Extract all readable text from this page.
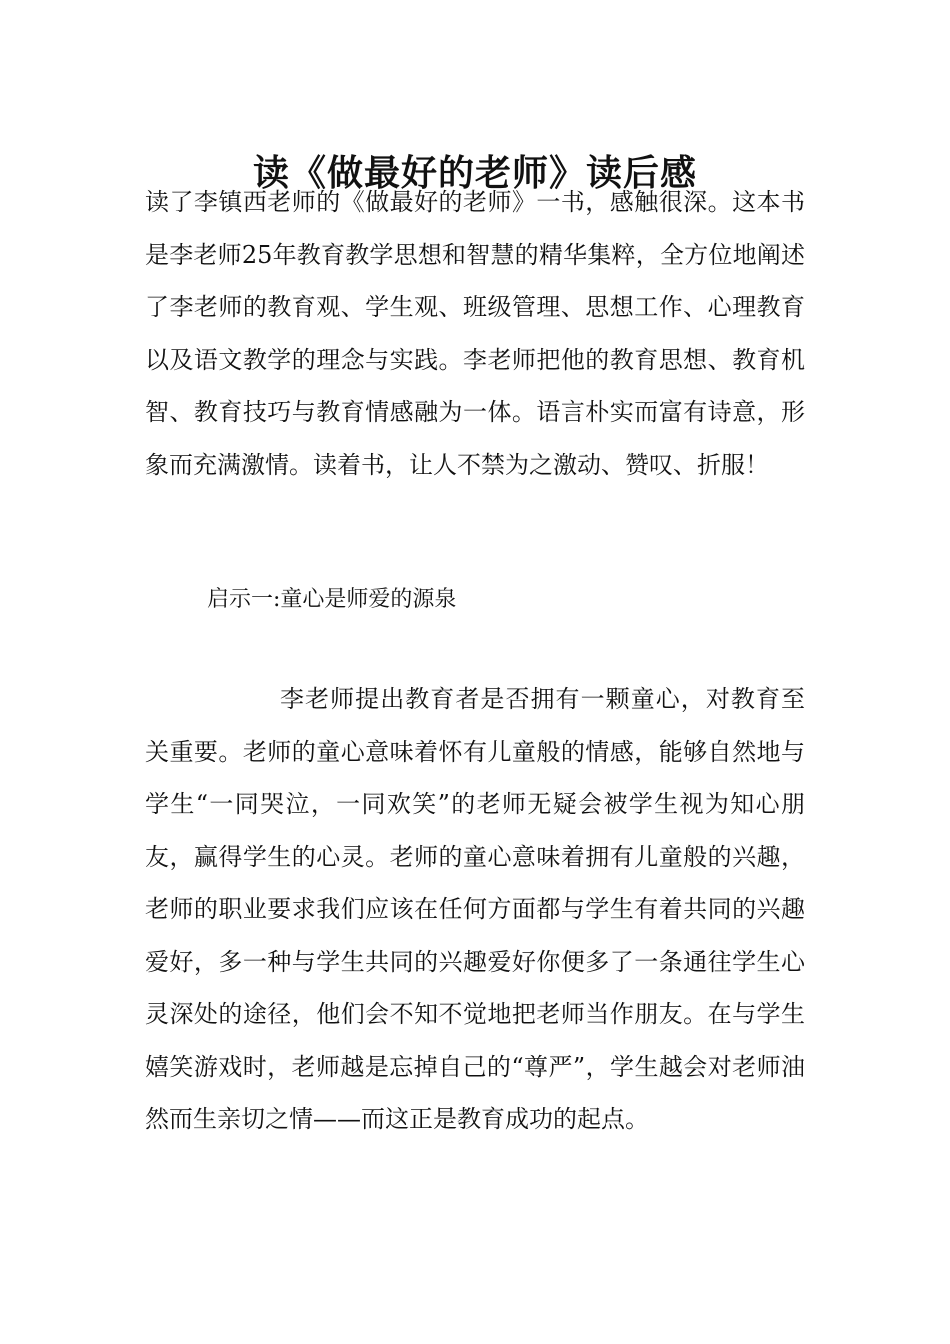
读《做最好的老师》读后感

读了李镇西老师的《做最好的老师》一书，感触很深。这本书是李老师25年教育教学思想和智慧的精华集粹，全方位地阐述了李老师的教育观、学生观、班级管理、思想工作、心理教育以及语文教学的理念与实践。李老师把他的教育思想、教育机智、教育技巧与教育情感融为一体。语言朴实而富有诗意，形象而充满激情。读着书，让人不禁为之激动、赞叹、折服！

启示一:童心是师爱的源泉

李老师提出教育者是否拥有一颗童心，对教育至关重要。老师的童心意味着怀有儿童般的情感，能够自然地与学生“一同哭泣，一同欢笑”的老师无疑会被学生视为知心朋友，赢得学生的心灵。老师的童心意味着拥有儿童般的兴趣，老师的职业要求我们应该在任何方面都与学生有着共同的兴趣爱好，多一种与学生共同的兴趣爱好你便多了一条通往学生心灵深处的途径，他们会不知不觉地把老师当作朋友。在与学生嬉笑游戏时，老师越是忘掉自己的“尊严”，学生越会对老师油然而生亲切之情——而这正是教育成功的起点。
